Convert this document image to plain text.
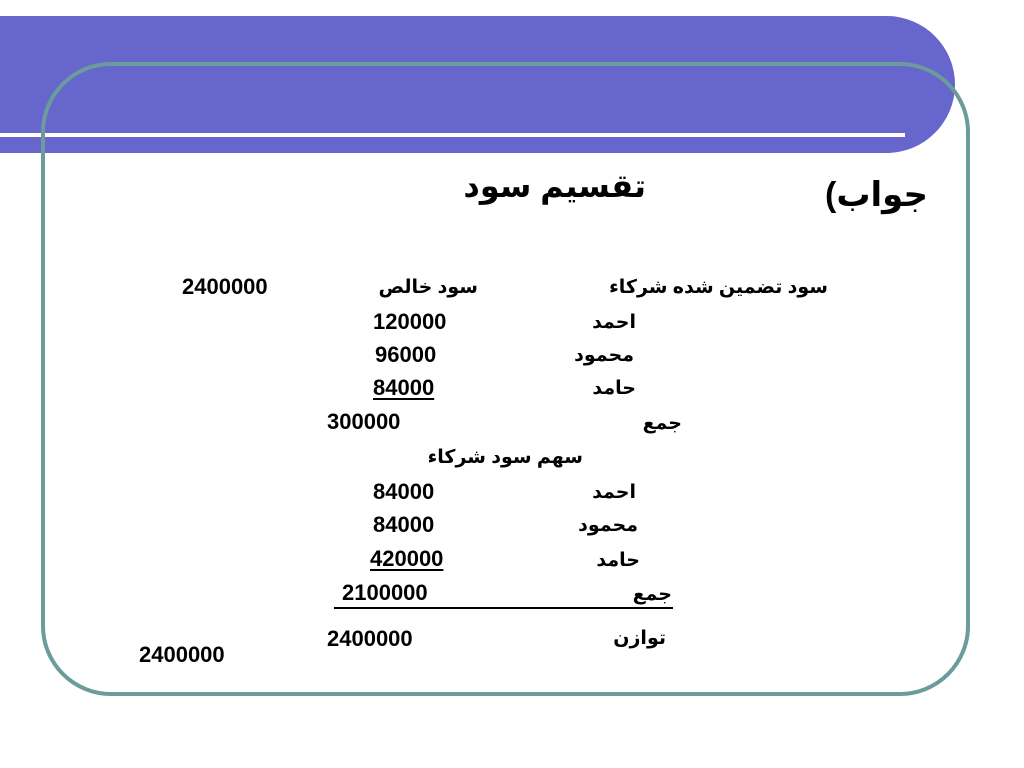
جواب)
تقسیم سود
2400000	سود خالص	سود تضمین شده شرکاء
احمد
120000
محمود
96000
حامد
84000
جمع
300000
سهم سود شرکاء
احمد
84000
محمود
84000
حامد
420000
جمع
2100000
توازن
2400000
2400000
